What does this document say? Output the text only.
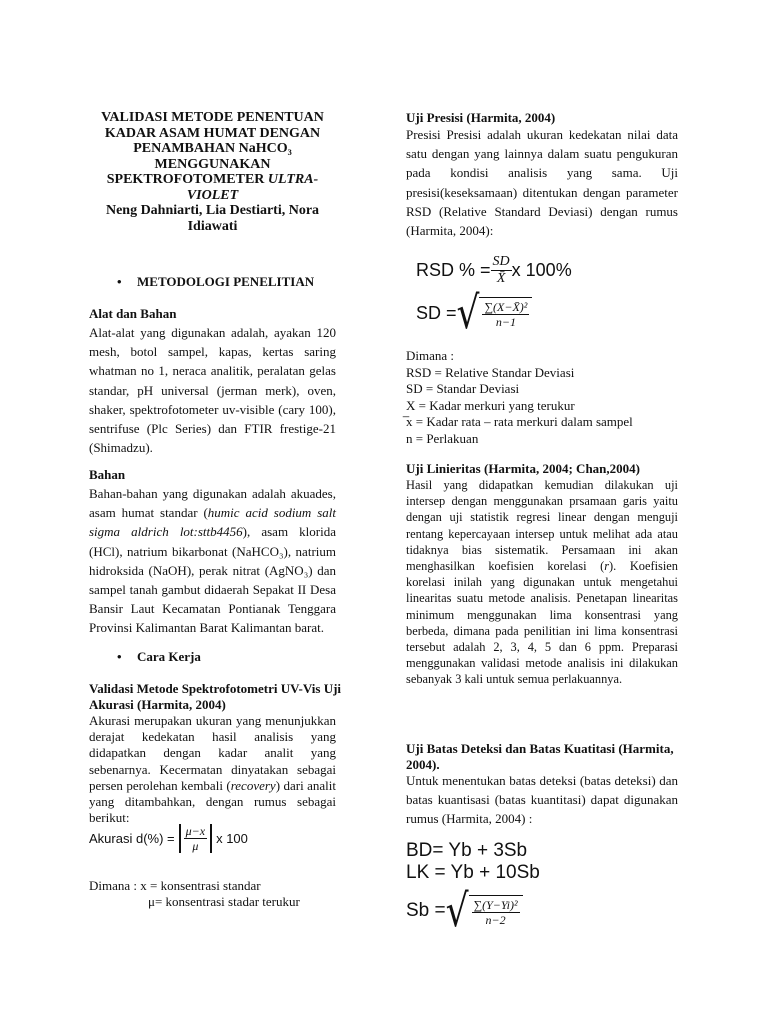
VALIDASI METODE PENENTUAN KADAR ASAM HUMAT DENGAN PENAMBAHAN NaHCO₃ MENGGUNAKAN SPEKTROFOTOMETER ULTRA-VIOLET
Neng Dahniarti, Lia Destiarti, Nora Idiawati
• METODOLOGI PENELITIAN
Alat dan Bahan

Alat-alat yang digunakan adalah, ayakan 120 mesh, botol sampel, kapas, kertas saring whatman no 1, neraca analitik, peralatan gelas standar, pH universal (jerman merk), oven, shaker, spektrofotometer uv-visible (cary 100), sentrifuse (Plc Series) dan FTIR frestige-21 (Shimadzu).

Bahan

Bahan-bahan yang digunakan adalah akuades, asam humat standar (humic acid sodium salt sigma aldrich lot:sttb4456), asam klorida (HCl), natrium bikarbonat (NaHCO₃), natrium hidroksida (NaOH), perak nitrat (AgNO₃) dan sampel tanah gambut didaerah Sepakat II Desa Bansir Laut Kecamatan Pontianak Tenggara Provinsi Kalimantan Barat Kalimantan barat.

• Cara Kerja
Validasi Metode Spektrofotometri UV-Vis Uji Akurasi (Harmita, 2004)

Akurasi merupakan ukuran yang menunjukkan derajat kedekatan hasil analisis yang didapatkan dengan kadar analit yang sebenarnya. Kecermatan dinyatakan sebagai persen perolehan kembali (recovery) dari analit yang ditambahkan, dengan rumus sebagai berikut:

Akurasi $d(\%) = \frac{\mu-x}{\mu}$ x 100
Dimana : x = konsentrasi standar
μ= konsentrasi stadar terukur
Uji Presisi (Harmita, 2004)

Presisi Presisi adalah ukuran kedekatan nilai data satu dengan yang lainnya dalam suatu pengukuran pada kondisi analisis yang sama. Uji presisi(keseksamaan) ditentukan dengan parameter RSD (Relative Standard Deviasi) dengan rumus (Harmita, 2004):

RSD % = $\frac{SD}{X̄}$ x 100%
SD = √ $\frac{\text{∑(X−X̄)²}}{n-1}$
Dimana :
RSD = Relative Standar Deviasi
SD = Standar Deviasi
X = Kadar merkuri yang terukur
̅x = Kadar rata – rata merkuri dalam sampel
n = Perlakuan
Uji Linieritas (Harmita, 2004; Chan,2004)

Hasil yang didapatkan kemudian dilakukan uji intersep dengan menggunakan prsamaan garis yaitu dengan uji statistik regresi linear dengan menguji rentang kepercayaan intersep untuk melihat ada atau tidaknya bias sistematik. Persamaan ini akan menghasilkan koefisien korelasi (r). Koefisien korelasi inilah yang digunakan untuk mengetahui linearitas suatu metode analisis. Penetapan linearitas minimum menggunakan lima konsentrasi yang berbeda, dimana pada penilitian ini lima konsentrasi tersebut adalah 2, 3, 4, 5 dan 6 ppm. Preparasi menggunakan validasi metode analisis ini dilakukan sebanyak 3 kali untuk semua perlakuannya.

Uji Batas Deteksi dan Batas Kuatitasi (Harmita, 2004).

Untuk menentukan batas deteksi (batas deteksi) dan batas kuantisasi (batas kuantitasi) dapat digunakan rumus (Harmita, 2004) :

BD= Yb + 3Sb
LK = Yb + 10Sb
Sb = √ $\frac{\text{∑(Y−Yi)²}}{n-2}$
